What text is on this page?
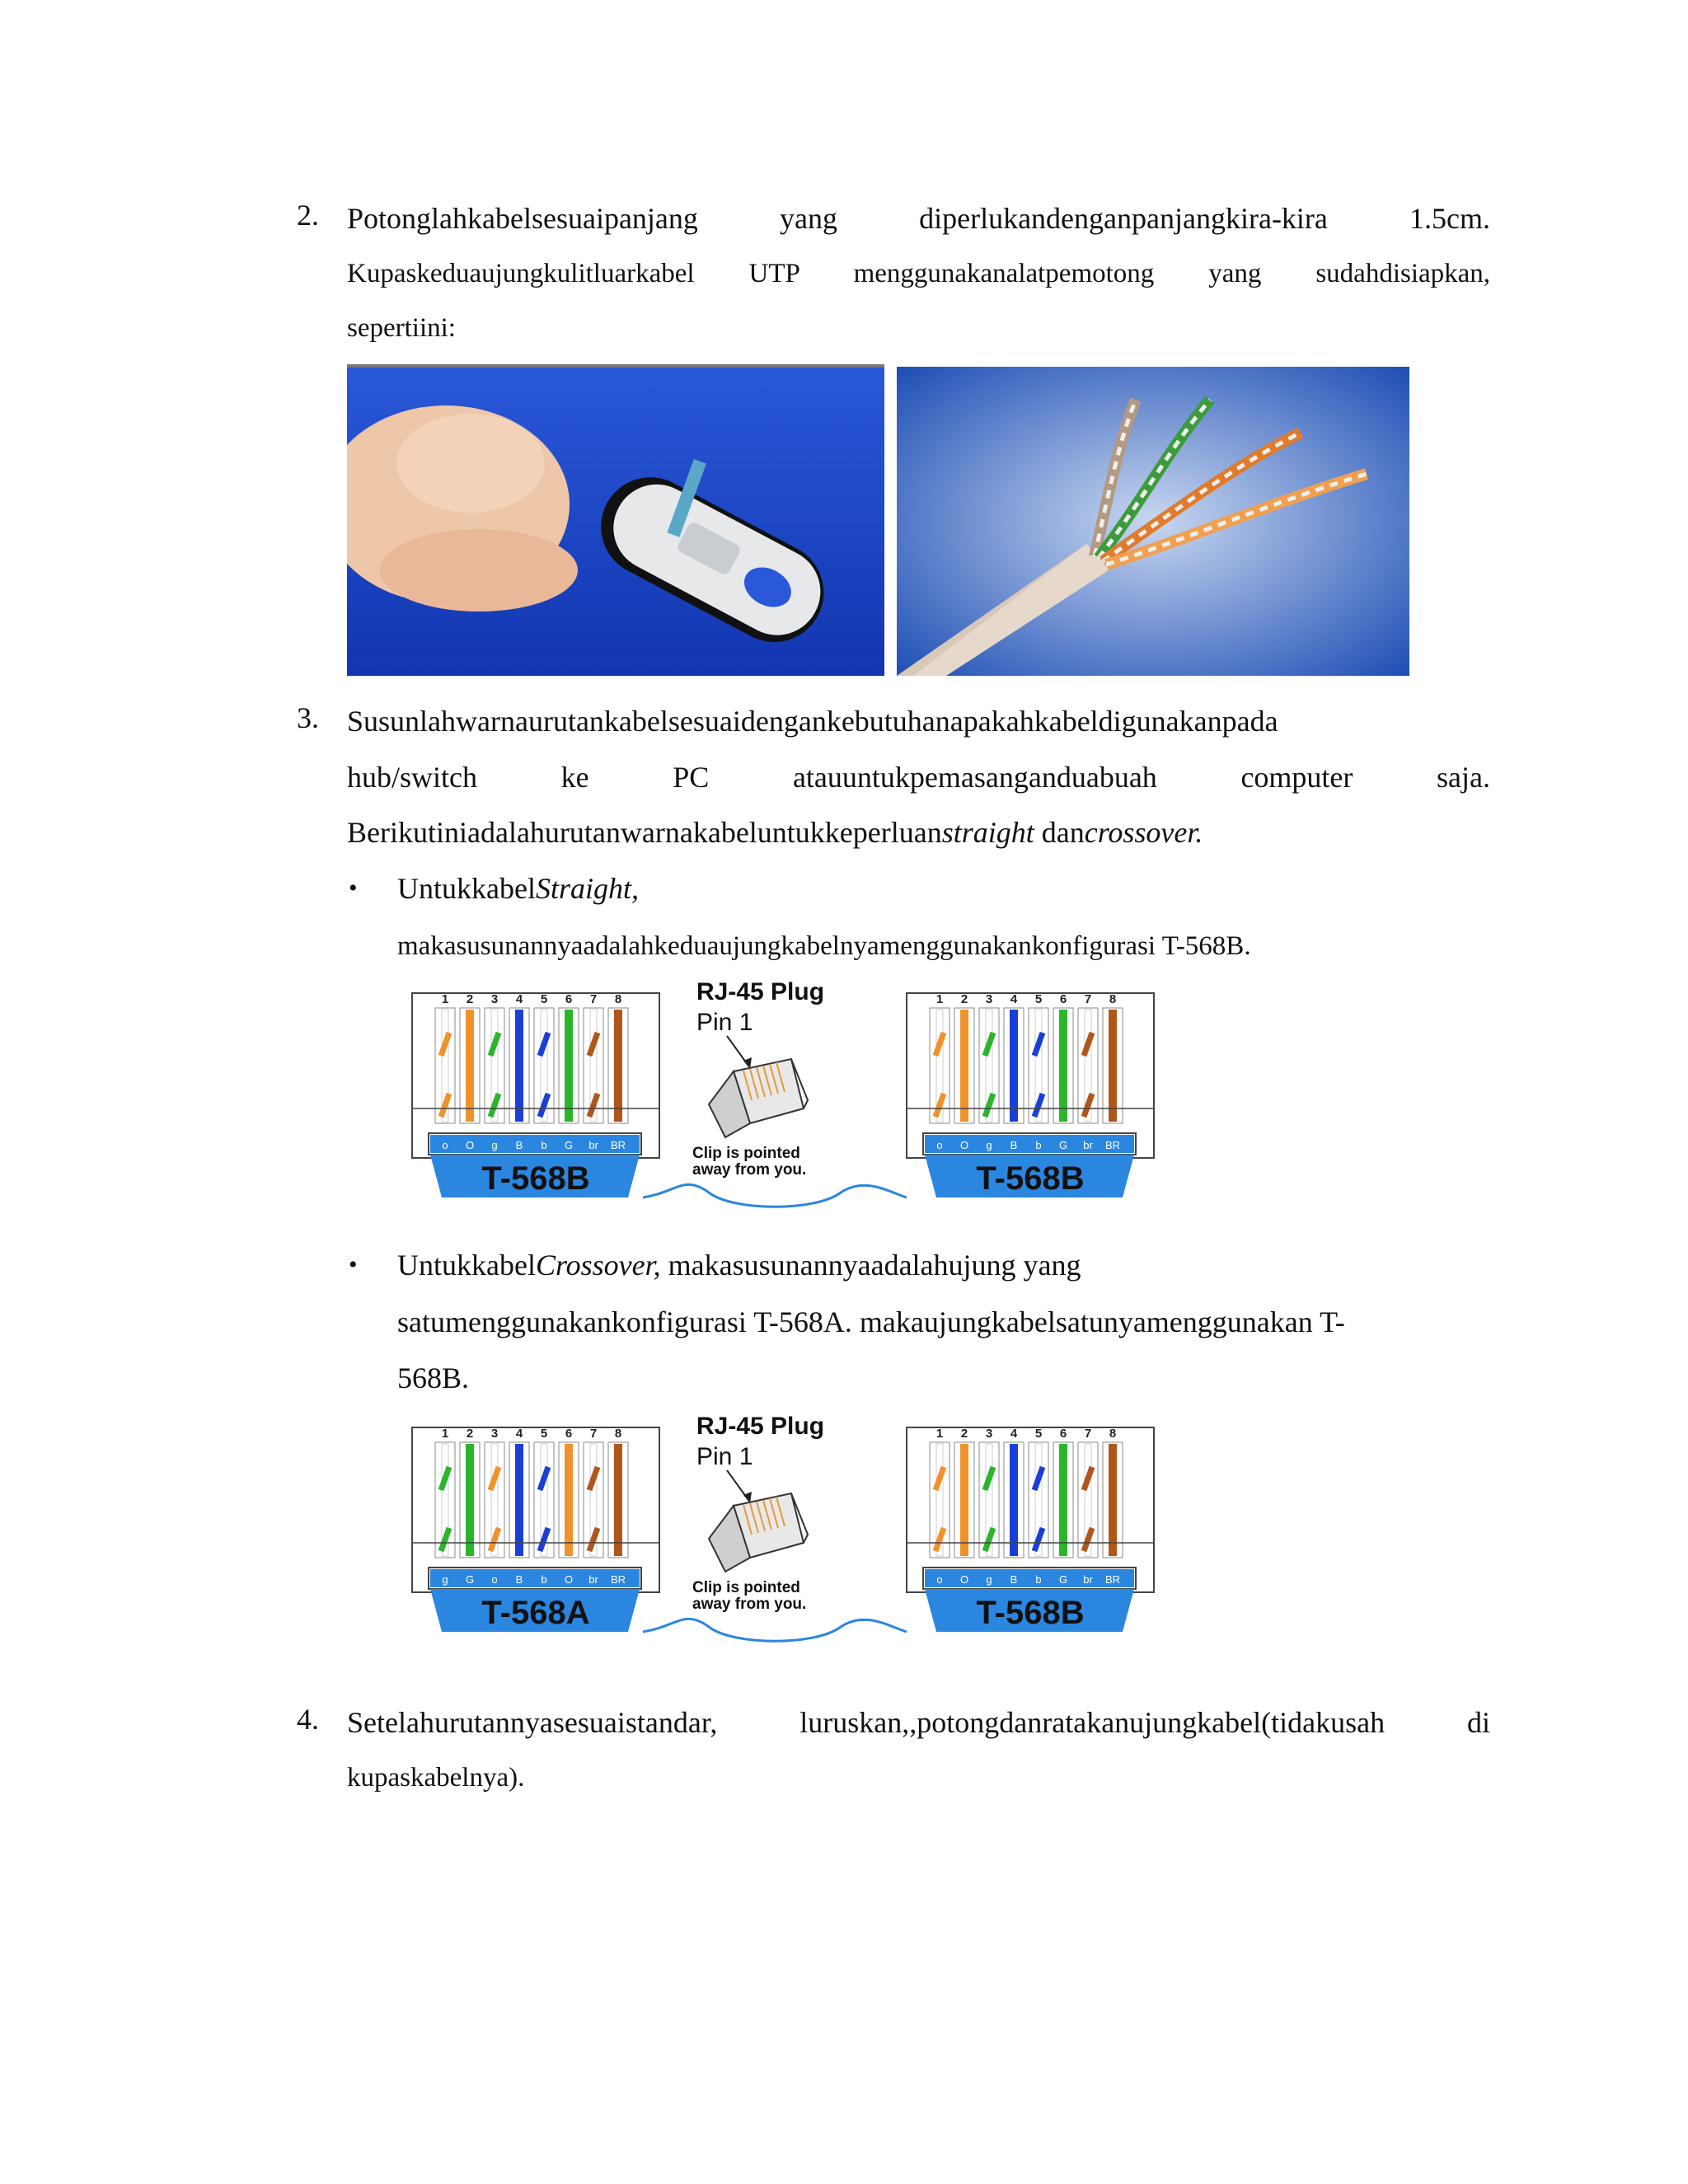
2. Potonglahkabelsesuaipanjang	yang	diperlukandenganpanjangkira-kira	1.5cm.
Kupaskeduaujungkulitluarkabel UTP menggunakanalatpemotong yang sudahdisiapkan,
sepertiini:
3. Susunlahwarnaurutankabelsesuaidengankebutuhanapakahkabeldigunakanpada
hub/switch	ke	PC	atauuntukpemasanganduabuah	computer	saja.
Berikutiniadalahurutanwarnakabeluntukkeperluanstraight dancrossover.
• UntukkabelStraight,
makasusunannyaadalahkeduaujungkabelnyamenggunakankonfigurasi T-568B.
1 2 3 4 5 6 7 8
o O g B b G br BR
T-568B
1 2 3 4 5 6 7 8
o O g B b G br BR
T-568B
RJ-45 Plug
Pin 1
Clip is pointed
away from you.
• UntukkabelCrossover, makasusunannyaadalahujung yang
satumenggunakankonfigurasi T-568A. makaujungkabelsatunyamenggunakan T-
568B.
1 2 3 4 5 6 7 8
g G o B b O br BR
T-568A
1 2 3 4 5 6 7 8
o O g B b G br BR
T-568B
RJ-45 Plug
Pin 1
Clip is pointed
away from you.
4. Setelahurutannyasesuaistandar,	luruskan,,potongdanratakanujungkabel(tidakusah	di
kupaskabelnya).
